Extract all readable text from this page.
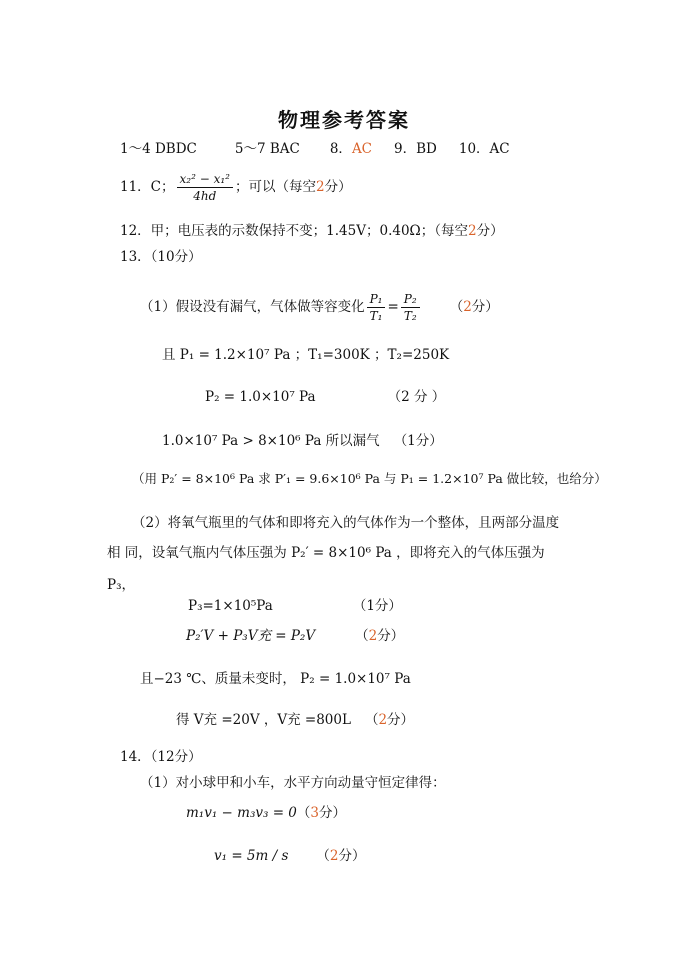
物理参考答案
1～4 DBDC	5～7 BAC 8．AC 9．BD 10．AC
11．C； $\frac{\text{x₂² − x₁²}}{4hd}$ ；可以（每空2分）
12．甲；电压表的示数保持不变；1.45V；0.40Ω；（每空2分）
13．（10分）
（1）假设没有漏气，气体做等容变化 $\frac{\text{P₁}}{\text{T₁}} = \frac{\text{P₂}}{\text{T₂}} (2$分）
且 P₁ = 1.2×10⁷ Pa ；T₁=300K ；T₂=250K
P₂ = 1.0×10⁷ Pa	（2 分 ）
1.0×10⁷ Pa > 8×10⁶ Pa 所以漏气 （1分）
（用 P₂′ = 8×10⁶ Pa 求 P′₁ = 9.6×10⁶ Pa 与 P₁ = 1.2×10⁷ Pa 做比较，也给分）
（2）将氧气瓶里的气体和即将充入的气体作为一个整体，且两部分温度
相 同，设氧气瓶内气体压强为 P₂′ = 8×10⁶ Pa ，即将充入的气体压强为
P₃，
P₃=1×10⁵Pa	（1分）
P₂′V + P₃V充 = P₂V	（2分）
且−23 ℃、质量未变时， P₂ = 1.0×10⁷ Pa
得 V充 =20V ，V充 =800L （2分）
14．（12分）
（1）对小球甲和小车，水平方向动量守恒定律得：
m₁v₁ − m₃v₃ = 0（3分）
v₁ = 5m / s （2分）
